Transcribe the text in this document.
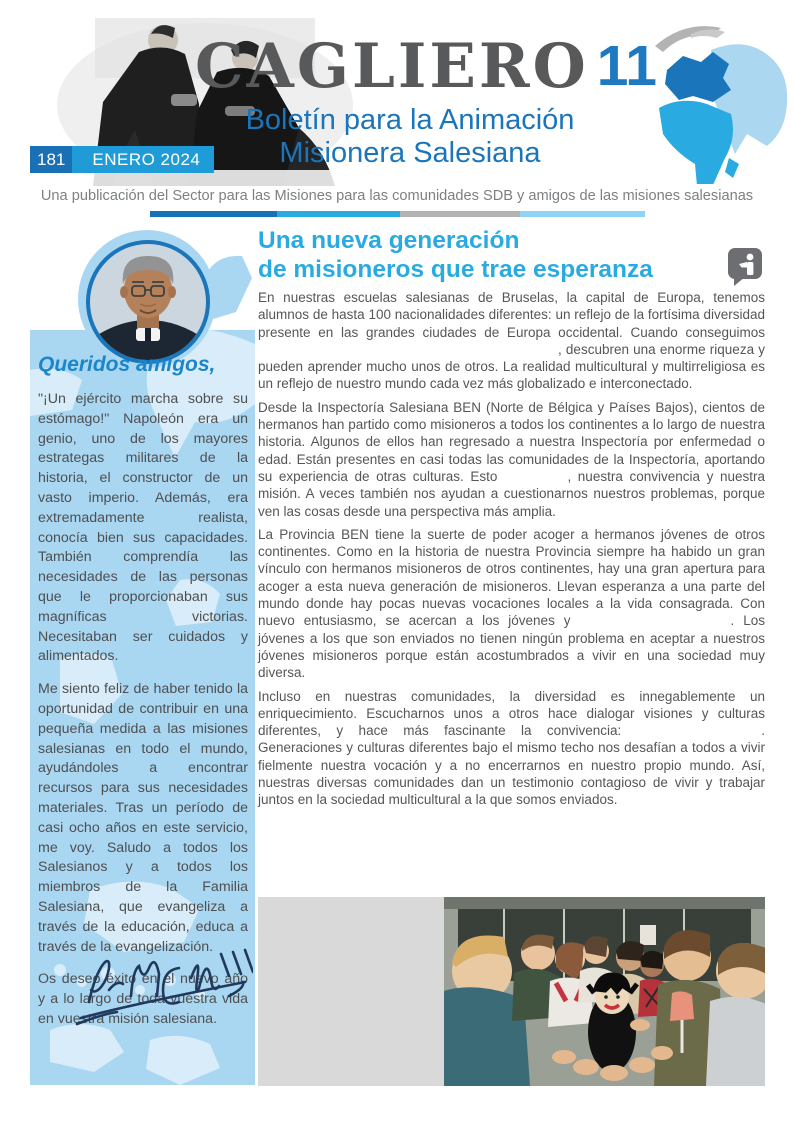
CAGLIERO 11
Boletín para la Animación
Misionera Salesiana
181	ENERO 2024
Una publicación del Sector para las Misiones para las comunidades SDB y amigos de las misiones salesianas
Queridos amigos,

"¡Un ejército marcha sobre su estómago!" Napoleón era un genio, uno de los mayores estrategas militares de la historia, el constructor de un vasto imperio. Además, era extremadamente realista, conocía bien sus capacidades. También comprendía las necesidades de las personas que le proporcionaban sus magníficas victorias. Necesitaban ser cuidados y alimentados.

Me siento feliz de haber tenido la oportunidad de contribuir en una pequeña medida a las misiones salesianas en todo el mundo, ayudándoles a encontrar recursos para sus necesidades materiales. Tras un período de casi ocho años en este servicio, me voy. Saludo a todos los Salesianos y a todos los miembros de la Familia Salesiana, que evangeliza a través de la educación, educa a través de la evangelización.

Os deseo éxito en el nuevo año y a lo largo de toda vuestra vida en vuestra misión salesiana.

Una nueva generación
de misioneros que trae esperanza

En nuestras escuelas salesianas de Bruselas, la capital de Europa, tenemos alumnos de hasta 100 nacionalidades diferentes: un reflejo de la fortísima diversidad presente en las grandes ciudades de Europa occidental. Cuando conseguimos, descubren una enorme riqueza y pueden aprender mucho unos de otros. La realidad multicultural y multirreligiosa es un reflejo de nuestro mundo cada vez más globalizado e interconectado.

Desde la Inspectoría Salesiana BEN (Norte de Bélgica y Países Bajos), cientos de hermanos han partido como misioneros a todos los continentes a lo largo de nuestra historia. Algunos de ellos han regresado a nuestra Inspectoría por enfermedad o edad. Están presentes en casi todas las comunidades de la Inspectoría, aportando su experiencia de otras culturas. Esto	, nuestra convivencia y nuestra misión. A veces también nos ayudan a cuestionarnos nuestros problemas, porque ven las cosas desde una perspectiva más amplia.

La Provincia BEN tiene la suerte de poder acoger a hermanos jóvenes de otros continentes. Como en la historia de nuestra Provincia siempre ha habido un gran vínculo con hermanos misioneros de otros continentes, hay una gran apertura para acoger a esta nueva generación de misioneros. Llevan esperanza a una parte del mundo donde hay pocas nuevas vocaciones locales a la vida consagrada. Con nuevo entusiasmo, se acercan a los jóvenes y	. Los jóvenes a los que son enviados no tienen ningún problema en aceptar a nuestros jóvenes misioneros porque están acostumbrados a vivir en una sociedad muy diversa.

Incluso en nuestras comunidades, la diversidad es innegablemente un enriquecimiento. Escucharnos unos a otros hace dialogar visiones y culturas diferentes, y hace más fascinante la convivencia:	. Generaciones y culturas diferentes bajo el mismo techo nos desafían a todos a vivir fielmente nuestra vocación y a no encerrarnos en nuestro propio mundo. Así, nuestras diversas comunidades dan un testimonio contagioso de vivir y trabajar juntos en la sociedad multicultural a la que somos enviados.
